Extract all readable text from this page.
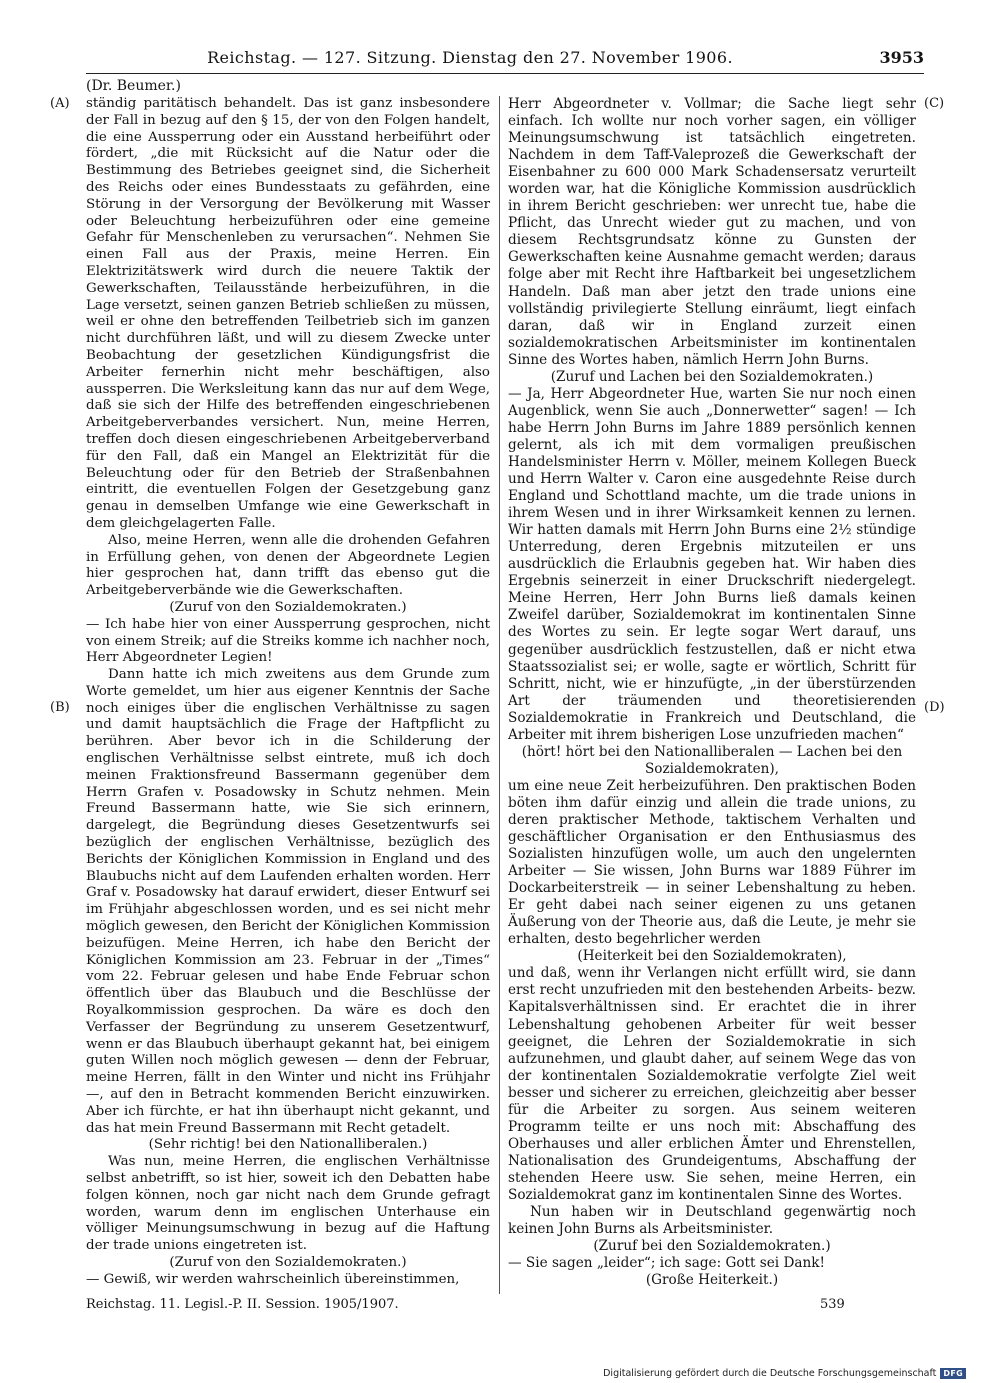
Reichstag. — 127. Sitzung. Dienstag den 27. November 1906.	3953
(Dr. Beumer.)
(A)
(B)
(C)
(D)

ständig paritätisch behandelt. Das ist ganz insbesondere der Fall in bezug auf den § 15, der von den Folgen handelt, die eine Aussperrung oder ein Ausstand herbeiführt oder fördert, „die mit Rücksicht auf die Natur oder die Bestimmung des Betriebes geeignet sind, die Sicherheit des Reichs oder eines Bundesstaats zu gefährden, eine Störung in der Versorgung der Bevölkerung mit Wasser oder Beleuchtung herbeizuführen oder eine gemeine Gefahr für Menschenleben zu verursachen“. Nehmen Sie einen Fall aus der Praxis, meine Herren. Ein Elektrizitätswerk wird durch die neuere Taktik der Gewerkschaften, Teilausstände herbeizuführen, in die Lage versetzt, seinen ganzen Betrieb schließen zu müssen, weil er ohne den betreffenden Teilbetrieb sich im ganzen nicht durchführen läßt, und will zu diesem Zwecke unter Beobachtung der gesetzlichen Kündigungsfrist die Arbeiter fernerhin nicht mehr beschäftigen, also aussperren. Die Werksleitung kann das nur auf dem Wege, daß sie sich der Hilfe des betreffenden eingeschriebenen Arbeitgeberverbandes versichert. Nun, meine Herren, treffen doch diesen eingeschriebenen Arbeitgeberverband für den Fall, daß ein Mangel an Elektrizität für die Beleuchtung oder für den Betrieb der Straßenbahnen eintritt, die eventuellen Folgen der Gesetzgebung ganz genau in demselben Umfange wie eine Gewerkschaft in dem gleichgelagerten Falle.

Also, meine Herren, wenn alle die drohenden Gefahren in Erfüllung gehen, von denen der Abgeordnete Legien hier gesprochen hat, dann trifft das ebenso gut die Arbeitgeberverbände wie die Gewerkschaften.

(Zuruf von den Sozialdemokraten.)

— Ich habe hier von einer Aussperrung gesprochen, nicht von einem Streik; auf die Streiks komme ich nachher noch, Herr Abgeordneter Legien!

Dann hatte ich mich zweitens aus dem Grunde zum Worte gemeldet, um hier aus eigener Kenntnis der Sache noch einiges über die englischen Verhältnisse zu sagen und damit hauptsächlich die Frage der Haftpflicht zu berühren. Aber bevor ich in die Schilderung der englischen Verhältnisse selbst eintrete, muß ich doch meinen Fraktionsfreund Bassermann gegenüber dem Herrn Grafen v. Posadowsky in Schutz nehmen. Mein Freund Bassermann hatte, wie Sie sich erinnern, dargelegt, die Begründung dieses Gesetzentwurfs sei bezüglich der englischen Verhältnisse, bezüglich des Berichts der Königlichen Kommission in England und des Blaubuchs nicht auf dem Laufenden erhalten worden. Herr Graf v. Posadowsky hat darauf erwidert, dieser Entwurf sei im Frühjahr abgeschlossen worden, und es sei nicht mehr möglich gewesen, den Bericht der Königlichen Kommission beizufügen. Meine Herren, ich habe den Bericht der Königlichen Kommission am 23. Februar in der „Times“ vom 22. Februar gelesen und habe Ende Februar schon öffentlich über das Blaubuch und die Beschlüsse der Royalkommission gesprochen. Da wäre es doch den Verfasser der Begründung zu unserem Gesetzentwurf, wenn er das Blaubuch überhaupt gekannt hat, bei einigem guten Willen noch möglich gewesen — denn der Februar, meine Herren, fällt in den Winter und nicht ins Frühjahr —, auf den in Betracht kommenden Bericht einzuwirken. Aber ich fürchte, er hat ihn überhaupt nicht gekannt, und das hat mein Freund Bassermann mit Recht getadelt.

(Sehr richtig! bei den Nationalliberalen.)

Was nun, meine Herren, die englischen Verhältnisse selbst anbetrifft, so ist hier, soweit ich den Debatten habe folgen können, noch gar nicht nach dem Grunde gefragt worden, warum denn im englischen Unterhause ein völliger Meinungsumschwung in bezug auf die Haftung der trade unions eingetreten ist.

(Zuruf von den Sozialdemokraten.)

— Gewiß, wir werden wahrscheinlich übereinstimmen,

Herr Abgeordneter v. Vollmar; die Sache liegt sehr einfach. Ich wollte nur noch vorher sagen, ein völliger Meinungsumschwung ist tatsächlich eingetreten. Nachdem in dem Taff-Valeprozeß die Gewerkschaft der Eisenbahner zu 600 000 Mark Schadensersatz verurteilt worden war, hat die Königliche Kommission ausdrücklich in ihrem Bericht geschrieben: wer unrecht tue, habe die Pflicht, das Unrecht wieder gut zu machen, und von diesem Rechtsgrundsatz könne zu Gunsten der Gewerkschaften keine Ausnahme gemacht werden; daraus folge aber mit Recht ihre Haftbarkeit bei ungesetzlichem Handeln. Daß man aber jetzt den trade unions eine vollständig privilegierte Stellung einräumt, liegt einfach daran, daß wir in England zurzeit einen sozialdemokratischen Arbeitsminister im kontinentalen Sinne des Wortes haben, nämlich Herrn John Burns.

(Zuruf und Lachen bei den Sozialdemokraten.)

— Ja, Herr Abgeordneter Hue, warten Sie nur noch einen Augenblick, wenn Sie auch „Donnerwetter“ sagen! — Ich habe Herrn John Burns im Jahre 1889 persönlich kennen gelernt, als ich mit dem vormaligen preußischen Handelsminister Herrn v. Möller, meinem Kollegen Bueck und Herrn Walter v. Caron eine ausgedehnte Reise durch England und Schottland machte, um die trade unions in ihrem Wesen und in ihrer Wirksamkeit kennen zu lernen. Wir hatten damals mit Herrn John Burns eine 2½ stündige Unterredung, deren Ergebnis mitzuteilen er uns ausdrücklich die Erlaubnis gegeben hat. Wir haben dies Ergebnis seinerzeit in einer Druckschrift niedergelegt. Meine Herren, Herr John Burns ließ damals keinen Zweifel darüber, Sozialdemokrat im kontinentalen Sinne des Wortes zu sein. Er legte sogar Wert darauf, uns gegenüber ausdrücklich festzustellen, daß er nicht etwa Staatssozialist sei; er wolle, sagte er wörtlich, Schritt für Schritt, nicht, wie er hinzufügte, „in der überstürzenden Art der träumenden und theoretisierenden Sozialdemokratie in Frankreich und Deutschland, die Arbeiter mit ihrem bisherigen Lose unzufrieden machen“

(hört! hört bei den Nationalliberalen — Lachen bei den Sozialdemokraten),

um eine neue Zeit herbeizuführen. Den praktischen Boden böten ihm dafür einzig und allein die trade unions, zu deren praktischer Methode, taktischem Verhalten und geschäftlicher Organisation er den Enthusiasmus des Sozialisten hinzufügen wolle, um auch den ungelernten Arbeiter — Sie wissen, John Burns war 1889 Führer im Dockarbeiterstreik — in seiner Lebenshaltung zu heben. Er geht dabei nach seiner eigenen zu uns getanen Äußerung von der Theorie aus, daß die Leute, je mehr sie erhalten, desto begehrlicher werden

(Heiterkeit bei den Sozialdemokraten),

und daß, wenn ihr Verlangen nicht erfüllt wird, sie dann erst recht unzufrieden mit den bestehenden Arbeits- bezw. Kapitalsverhältnissen sind. Er erachtet die in ihrer Lebenshaltung gehobenen Arbeiter für weit besser geeignet, die Lehren der Sozialdemokratie in sich aufzunehmen, und glaubt daher, auf seinem Wege das von der kontinentalen Sozialdemokratie verfolgte Ziel weit besser und sicherer zu erreichen, gleichzeitig aber besser für die Arbeiter zu sorgen. Aus seinem weiteren Programm teilte er uns noch mit: Abschaffung des Oberhauses und aller erblichen Ämter und Ehrenstellen, Nationalisation des Grundeigentums, Abschaffung der stehenden Heere usw. Sie sehen, meine Herren, ein Sozialdemokrat ganz im kontinentalen Sinne des Wortes.

Nun haben wir in Deutschland gegenwärtig noch keinen John Burns als Arbeitsminister.

(Zuruf bei den Sozialdemokraten.)

— Sie sagen „leider“; ich sage: Gott sei Dank!

(Große Heiterkeit.)

Reichstag. 11. Legisl.-P. II. Session. 1905/1907.	539
Digitalisierung gefördert durch die Deutsche Forschungsgemeinschaft DFG
